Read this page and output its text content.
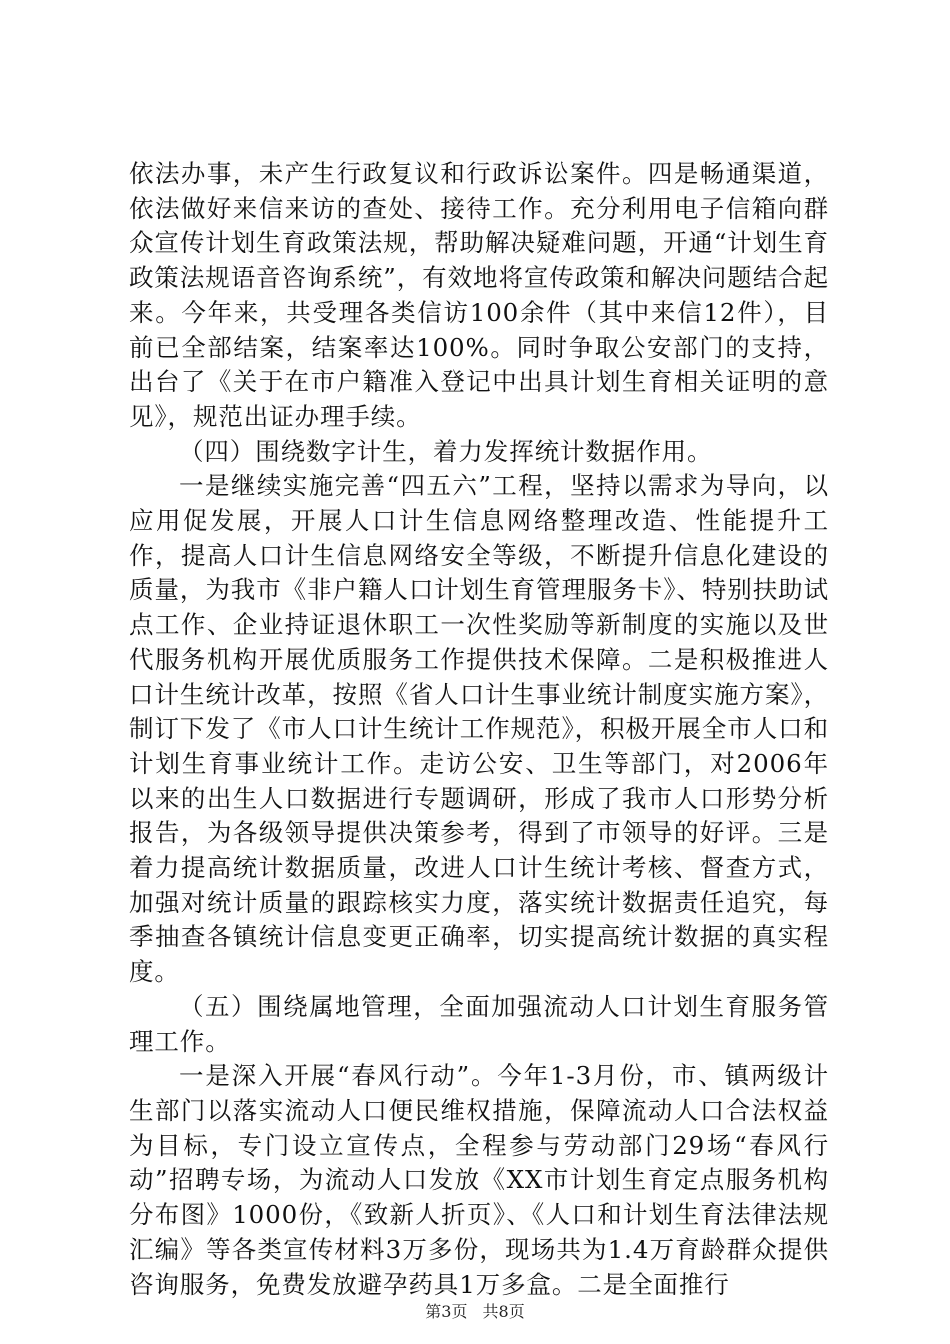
依法办事，未产生行政复议和行政诉讼案件。四是畅通渠道，依法做好来信来访的查处、接待工作。充分利用电子信箱向群众宣传计划生育政策法规，帮助解决疑难问题，开通“计划生育政策法规语音咨询系统”，有效地将宣传政策和解决问题结合起来。今年来，共受理各类信访100余件（其中来信12件），目前已全部结案，结案率达100%。同时争取公安部门的支持，出台了《关于在市户籍准入登记中出具计划生育相关证明的意见》，规范出证办理手续。

（四）围绕数字计生，着力发挥统计数据作用。

一是继续实施完善“四五六”工程，坚持以需求为导向，以应用促发展，开展人口计生信息网络整理改造、性能提升工作，提高人口计生信息网络安全等级，不断提升信息化建设的质量，为我市《非户籍人口计划生育管理服务卡》、特别扶助试点工作、企业持证退休职工一次性奖励等新制度的实施以及世代服务机构开展优质服务工作提供技术保障。二是积极推进人口计生统计改革，按照《省人口计生事业统计制度实施方案》，制订下发了《市人口计生统计工作规范》，积极开展全市人口和计划生育事业统计工作。走访公安、卫生等部门，对2006年以来的出生人口数据进行专题调研，形成了我市人口形势分析报告，为各级领导提供决策参考，得到了市领导的好评。三是着力提高统计数据质量，改进人口计生统计考核、督查方式，加强对统计质量的跟踪核实力度，落实统计数据责任追究，每季抽查各镇统计信息变更正确率，切实提高统计数据的真实程度。

（五）围绕属地管理，全面加强流动人口计划生育服务管理工作。

一是深入开展“春风行动”。今年1-3月份，市、镇两级计生部门以落实流动人口便民维权措施，保障流动人口合法权益为目标，专门设立宣传点，全程参与劳动部门29场“春风行动”招聘专场，为流动人口发放《XX市计划生育定点服务机构分布图》1000份，《致新人折页》、《人口和计划生育法律法规汇编》等各类宣传材料3万多份，现场共为1.4万育龄群众提供咨询服务，免费发放避孕药具1万多盒。二是全面推行

第3页 共8页
